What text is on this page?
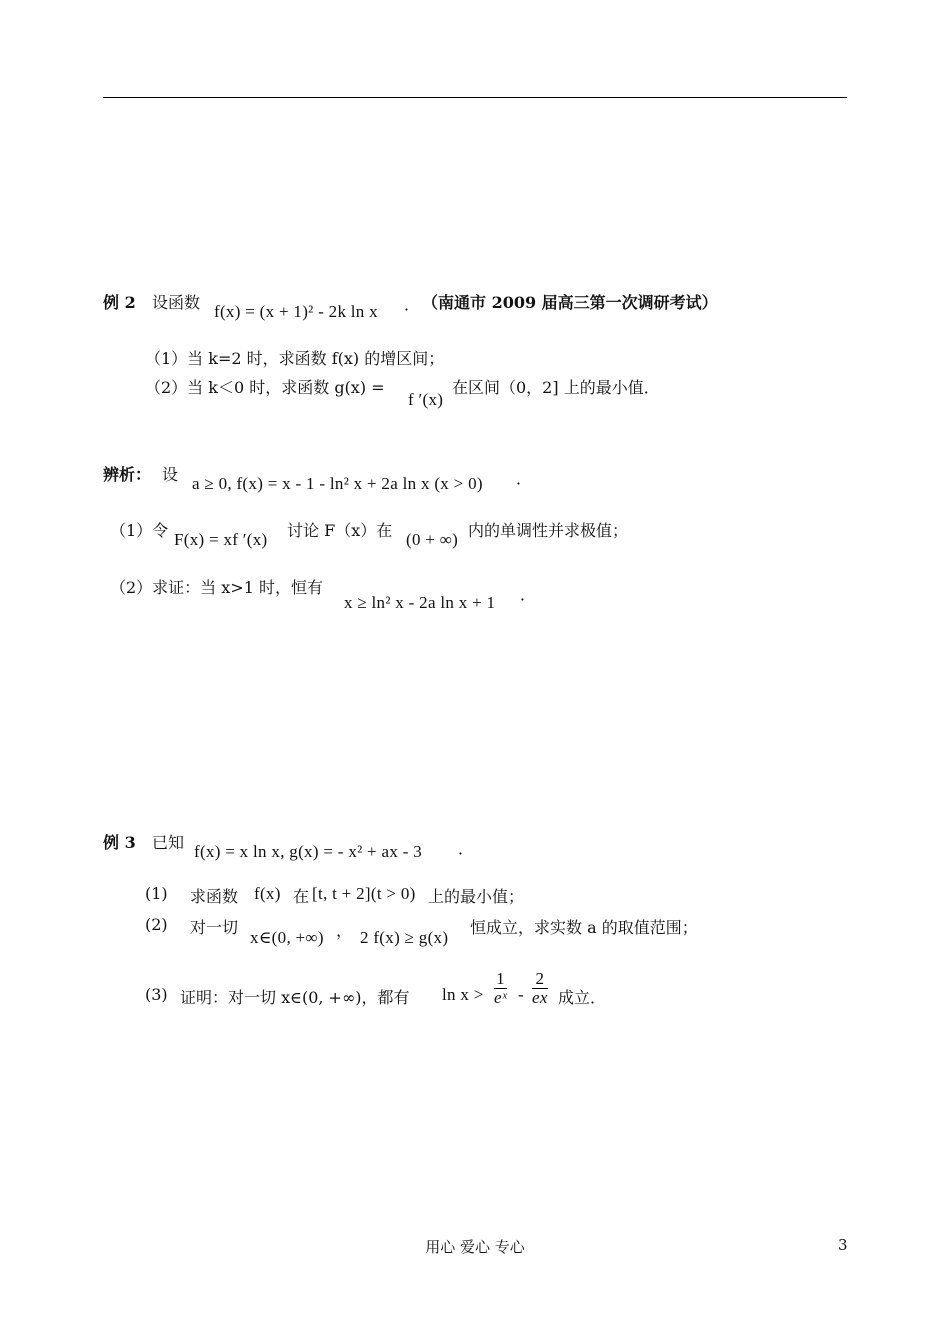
例 2 设函数 f(x) = (x + 1)² - 2k ln x ． （南通市 2009 届高三第一次调研考试）
（1）当 k=2 时，求函数 f(x) 的增区间；
（2）当 k＜0 时，求函数 g(x) =
f ′(x)
在区间（0，2] 上的最小值．
辨析： 设 a ≥ 0, f(x) = x - 1 - ln² x + 2a ln x (x > 0) ．
（1）令 F(x) = xf ′(x) 讨论 F（x）在 (0 + ∞) 内的单调性并求极值；
（2）求证：当 x>1 时，恒有
x ≥ ln² x - 2a ln x + 1 ．
例 3 已知 f(x) = x ln x, g(x) = - x² + ax - 3 ．
(1) 求函数 f(x) 在 [t, t + 2](t > 0) 上的最小值；
(2) 对一切
x∈(0, +∞) ， 2 f(x) ≥ g(x)
恒成立，求实数 a 的取值范围；
(3) 证明：对一切 x∈(0, +∞)，都有 $\ln x > \frac{1}{\text{eˣ}} - \frac{2}{ex}$ 成立．
用心 爱心 专心	3
